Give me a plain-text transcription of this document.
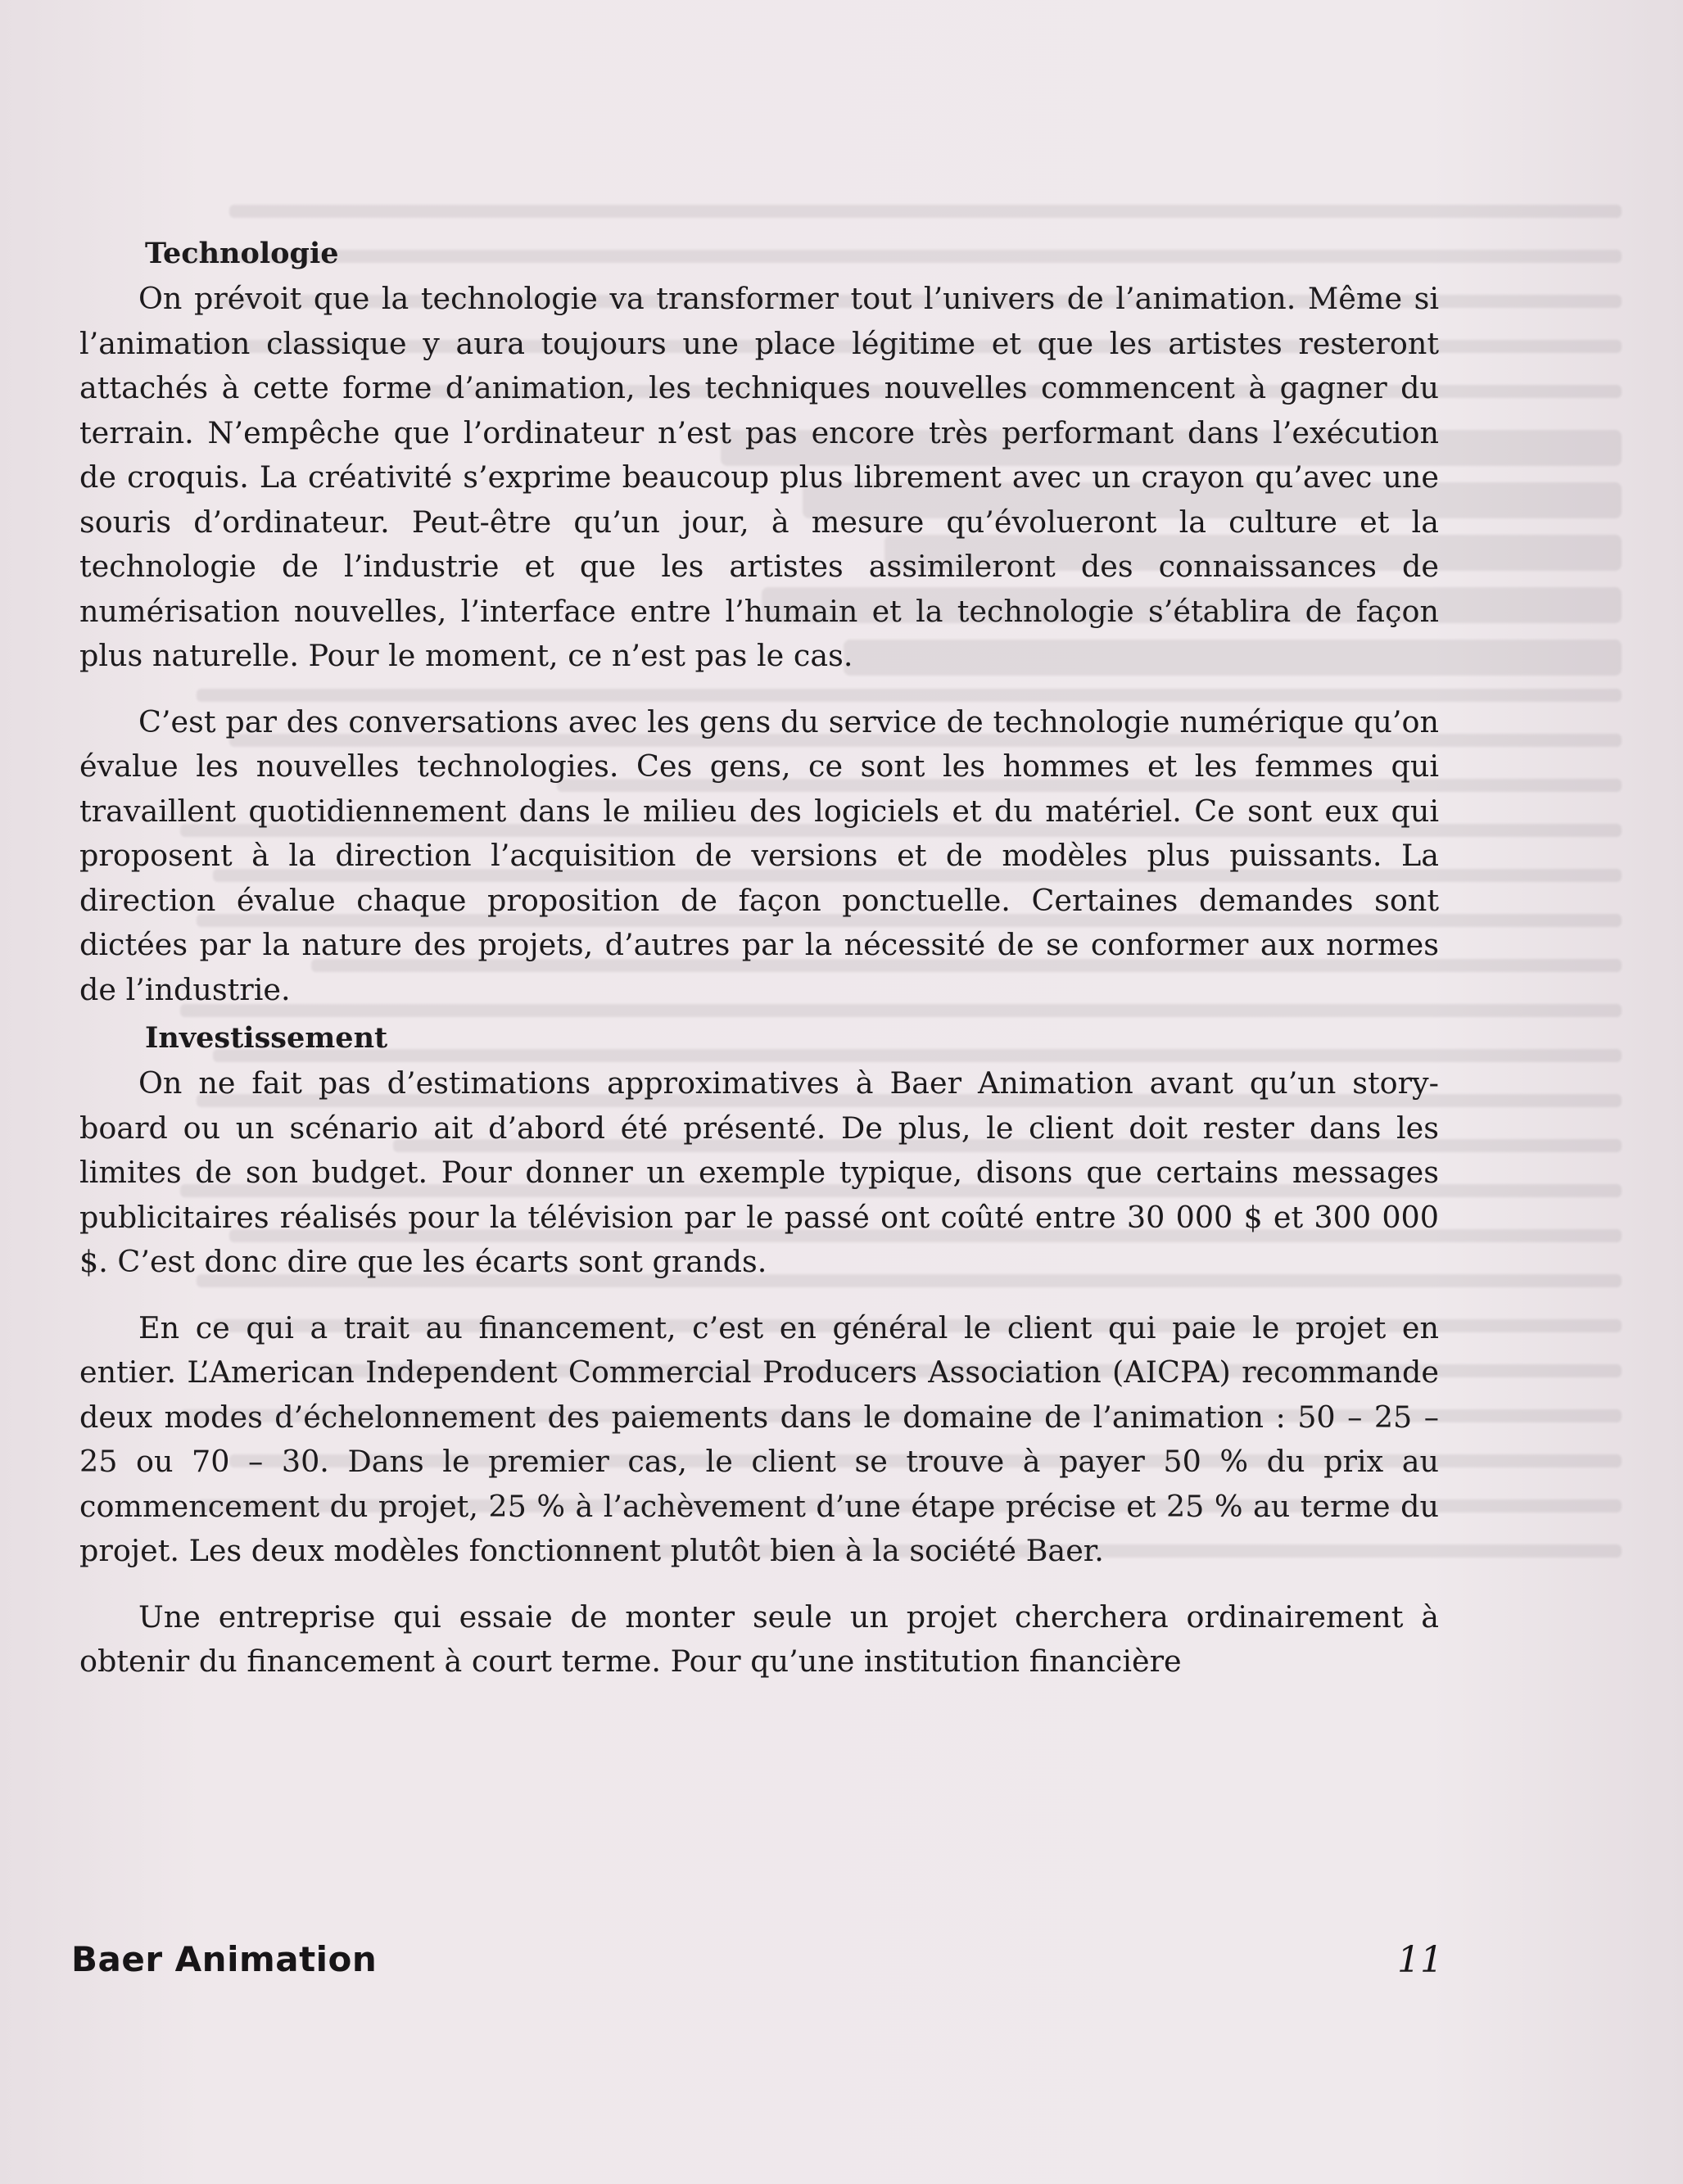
Technologie

On prévoit que la technologie va transformer tout l’univers de l’animation. Même si l’animation classique y aura toujours une place légitime et que les artistes resteront attachés à cette forme d’animation, les techniques nouvelles commencent à gagner du terrain. N’empêche que l’ordinateur n’est pas encore très performant dans l’exécution de croquis. La créativité s’exprime beaucoup plus librement avec un crayon qu’avec une souris d’ordinateur. Peut-être qu’un jour, à mesure qu’évolueront la culture et la technologie de l’industrie et que les artistes assimileront des connaissances de numérisation nouvelles, l’interface entre l’humain et la technologie s’établira de façon plus naturelle. Pour le moment, ce n’est pas le cas.

C’est par des conversations avec les gens du service de technologie numérique qu’on évalue les nouvelles technologies. Ces gens, ce sont les hommes et les femmes qui travaillent quotidiennement dans le milieu des logiciels et du matériel. Ce sont eux qui proposent à la direction l’acquisition de versions et de modèles plus puissants. La direction évalue chaque proposition de façon ponctuelle. Certaines demandes sont dictées par la nature des projets, d’autres par la nécessité de se conformer aux normes de l’industrie.

Investissement

On ne fait pas d’estimations approximatives à Baer Animation avant qu’un story-board ou un scénario ait d’abord été présenté. De plus, le client doit rester dans les limites de son budget. Pour donner un exemple typique, disons que certains messages publicitaires réalisés pour la télévision par le passé ont coûté entre 30 000 $ et 300 000 $. C’est donc dire que les écarts sont grands.

En ce qui a trait au financement, c’est en général le client qui paie le projet en entier. L’American Independent Commercial Producers Association (AICPA) recommande deux modes d’échelonnement des paiements dans le domaine de l’animation : 50 – 25 – 25 ou 70 – 30. Dans le premier cas, le client se trouve à payer 50 % du prix au commencement du projet, 25 % à l’achèvement d’une étape précise et 25 % au terme du projet. Les deux modèles fonctionnent plutôt bien à la société Baer.

Une entreprise qui essaie de monter seule un projet cherchera ordinairement à obtenir du financement à court terme. Pour qu’une institution financière

Baer Animation	11
